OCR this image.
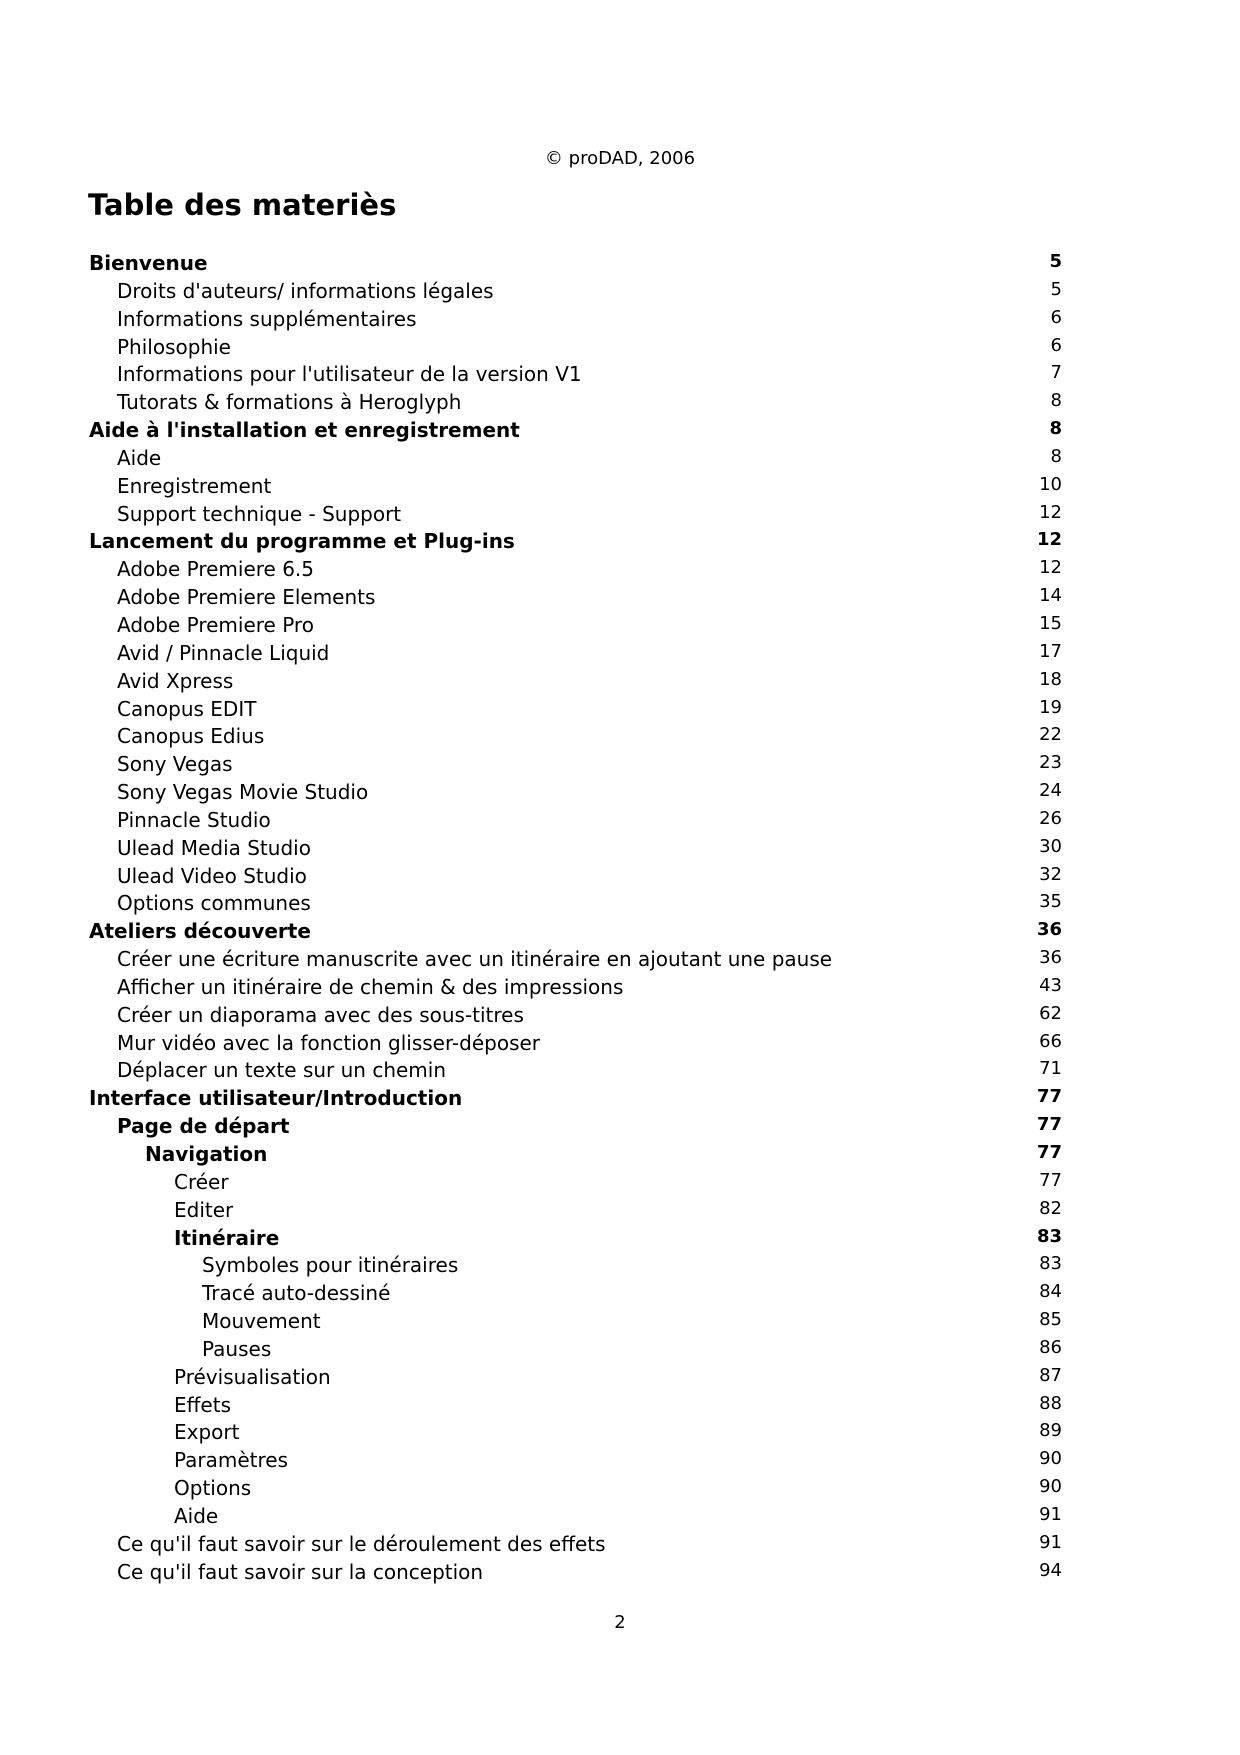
© proDAD, 2006
Table des materiès
Bienvenue	5
Droits d'auteurs/ informations légales	5
Informations supplémentaires	6
Philosophie	6
Informations pour l'utilisateur de la version V1	7
Tutorats & formations à Heroglyph	8
Aide à l'installation et enregistrement	8
Aide	8
Enregistrement	10
Support technique - Support	12
Lancement du programme et Plug-ins	12
Adobe Premiere 6.5	12
Adobe Premiere Elements	14
Adobe Premiere Pro	15
Avid / Pinnacle Liquid	17
Avid Xpress	18
Canopus EDIT	19
Canopus Edius	22
Sony Vegas	23
Sony Vegas Movie Studio	24
Pinnacle Studio	26
Ulead Media Studio	30
Ulead Video Studio	32
Options communes	35
Ateliers découverte	36
Créer une écriture manuscrite avec un itinéraire en ajoutant une pause	36
Afficher un itinéraire de chemin & des impressions	43
Créer un diaporama avec des sous-titres	62
Mur vidéo avec la fonction glisser-déposer	66
Déplacer un texte sur un chemin	71
Interface utilisateur/Introduction	77
Page de départ	77
Navigation	77
Créer	77
Editer	82
Itinéraire	83
Symboles pour itinéraires	83
Tracé auto-dessiné	84
Mouvement	85
Pauses	86
Prévisualisation	87
Effets	88
Export	89
Paramètres	90
Options	90
Aide	91
Ce qu'il faut savoir sur le déroulement des effets	91
Ce qu'il faut savoir sur la conception	94
2
